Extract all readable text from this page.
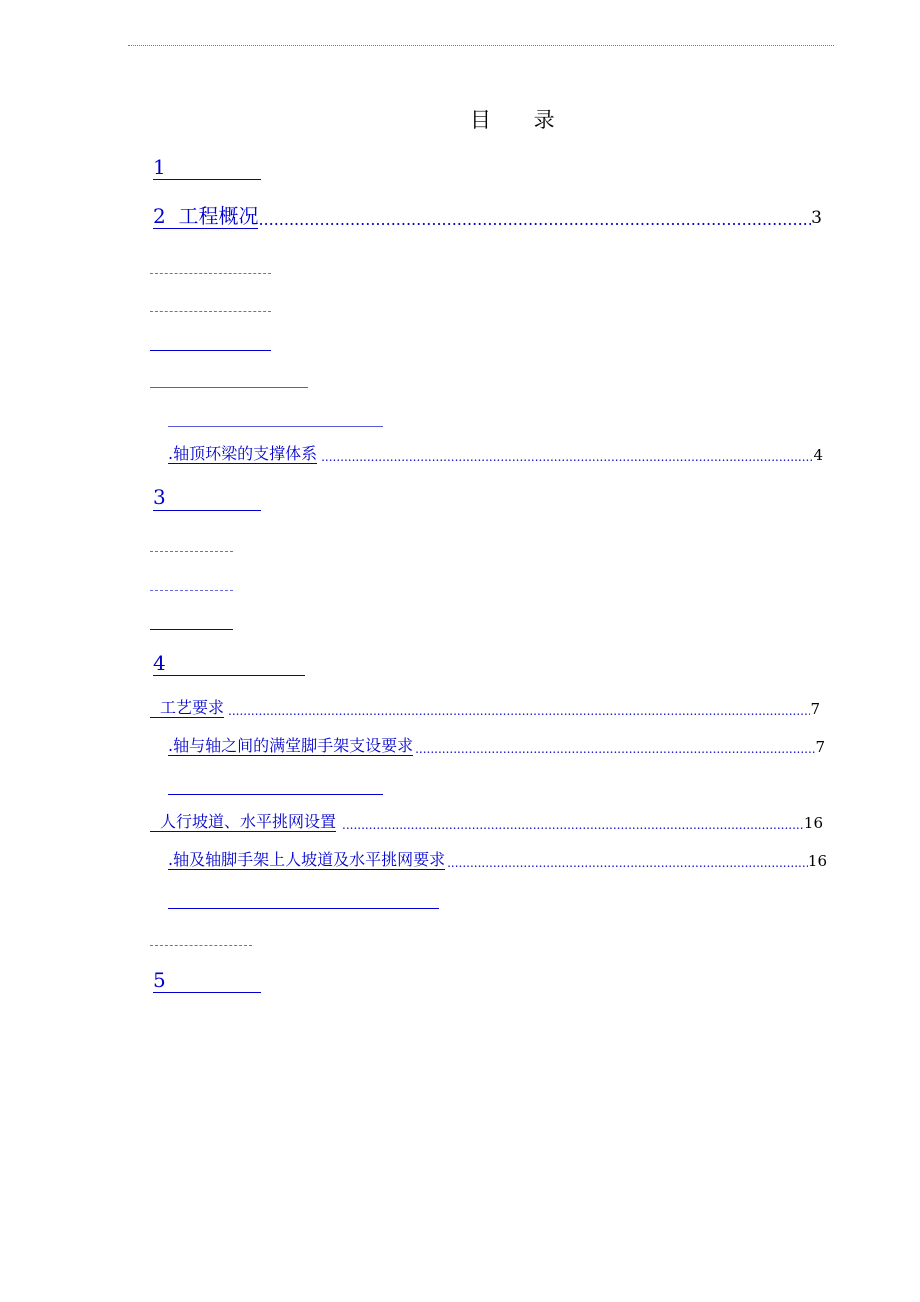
目 录
1
2 工程概况 .....	3
.轴顶环梁的支撑体系 .....	4
3
4
工艺要求 .....	7
.轴与轴之间的满堂脚手架支设要求 .....	7
人行坡道、水平挑网设置 .....	16
.轴及轴脚手架上人坡道及水平挑网要求 .....	16
5
